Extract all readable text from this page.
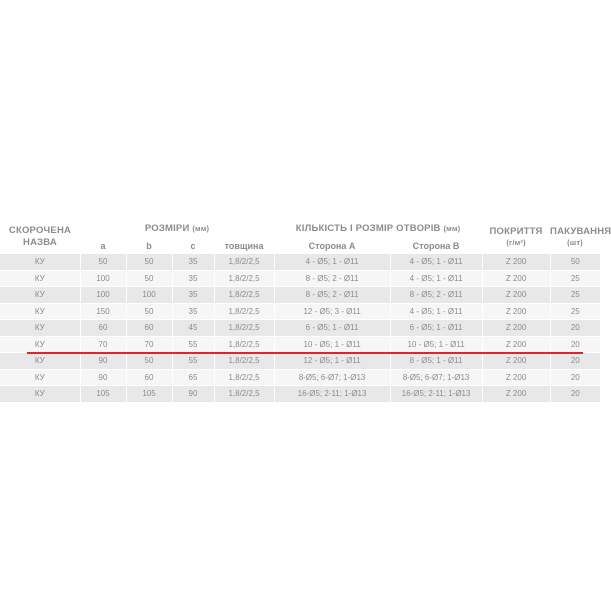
СКОРОЧЕНА НАЗВА	РОЗМІРИ (мм)				КІЛЬКІСТЬ І РОЗМІР ОТВОРІВ (мм)		ПОКРИТТЯ
(г/м²)	ПАКУВАННЯ
(шт)
	a	b	c	товщина	Сторона А	Сторона В		
КУ	50	50	35	1,8/2/2,5	4 - Ø5; 1 - Ø11	4 - Ø5; 1 - Ø11	Z 200	50
КУ	100	50	35	1,8/2/2,5	8 - Ø5; 2 - Ø11	4 - Ø5; 1 - Ø11	Z 200	25
КУ	100	100	35	1,8/2/2,5	8 - Ø5; 2 - Ø11	8 - Ø5; 2 - Ø11	Z 200	25
КУ	150	50	35	1,8/2/2,5	12 - Ø5; 3 - Ø11	4 - Ø5; 1 - Ø11	Z 200	25
КУ	60	60	45	1,8/2/2,5	6 - Ø5; 1 - Ø11	6 - Ø5; 1 - Ø11	Z 200	20
КУ	70	70	55	1,8/2/2,5	10 - Ø5; 1 - Ø11	10 - Ø5; 1 - Ø11	Z 200	20
КУ	90	50	55	1,8/2/2,5	12 - Ø5; 1 - Ø11	8 - Ø5; 1 - Ø11	Z 200	20
КУ	90	60	65	1,8/2/2,5	8-Ø5; 6-Ø7; 1-Ø13	8-Ø5; 6-Ø7; 1-Ø13	Z 200	20
КУ	105	105	90	1,8/2/2,5	16-Ø5; 2-11; 1-Ø13	16-Ø5; 2-11; 1-Ø13	Z 200	20
